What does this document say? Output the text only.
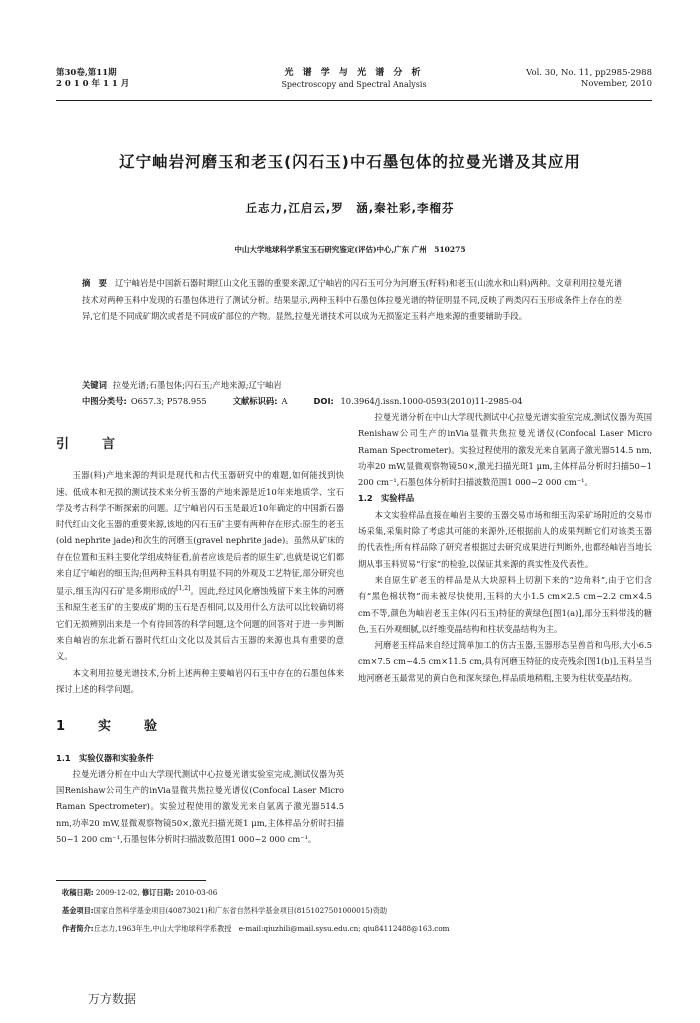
第30卷,第11期
2 0 1 0 年 1 1 月
光 谱 学 与 光 谱 分 析
Spectroscopy and Spectral Analysis
Vol. 30, No. 11, pp2985-2988
November, 2010
辽宁岫岩河磨玉和老玉(闪石玉)中石墨包体的拉曼光谱及其应用
丘志力,江启云,罗　涵,秦社彩,李榴芬
中山大学地球科学系宝玉石研究鉴定(评估)中心,广东 广州　510275
摘　要 辽宁岫岩是中国新石器时期红山文化玉器的重要来源,辽宁岫岩的闪石玉可分为河磨玉(籽料)和老玉(山流水和山料)两种。文章利用拉曼光谱技术对两种玉料中发现的石墨包体进行了测试分析。结果显示,两种玉料中石墨包体拉曼光谱的特征明显不同,反映了两类闪石玉形成条件上存在的差异,它们是不同成矿期次或者是不同成矿部位的产物。显然,拉曼光谱技术可以成为无损鉴定玉料产地来源的重要辅助手段。
关键词 拉曼光谱;石墨包体;闪石玉;产地来源;辽宁岫岩
中图分类号: O657.3; P578.955	文献标识码: A	DOI: 10.3964/j.issn.1000-0593(2010)11-2985-04
引　言

玉器(料)产地来源的判识是现代和古代玉器研究中的难题,如何能找到快速、低成本和无损的测试技术来分析玉器的产地来源是近10年来地质学、宝石学及考古科学不断探索的问题。辽宁岫岩闪石玉是最近10年确定的中国新石器时代红山文化玉器的重要来源,该地的闪石玉矿主要有两种存在形式:原生的老玉(old nephrite jade)和次生的河磨玉(gravel nephrite jade)。虽然从矿床的存在位置和玉料主要化学组成特征看,前者应该是后者的原生矿,也就是说它们都来自辽宁岫岩的细玉沟;但两种玉料具有明显不同的外观及工艺特征,部分研究也显示,细玉沟闪石矿是多期形成的[1,2]。因此,经过风化磨蚀残留下来主体的河磨玉和原生老玉矿的主要成矿期的玉石是否相同,以及用什么方法可以比较确切将它们无损辨别出来是一个有待回答的科学问题,这个问题的回答对于进一步判断来自岫岩的东北新石器时代红山文化以及其后古玉器的来源也具有重要的意义。

本文利用拉曼光谱技术,分析上述两种主要岫岩闪石玉中存在的石墨包体来探讨上述的科学问题。

1　实　验
1.1　实验仪器和实验条件

拉曼光谱分析在中山大学现代测试中心拉曼光谱实验室完成,测试仪器为英国Renishaw公司生产的inVia显微共焦拉曼光谱仪(Confocal Laser Micro Raman Spectrometer)。实验过程使用的激发光来自氩离子激光器514.5 nm,功率20 mW,显微观察物镜50×,激光扫描光斑1 μm,主体样品分析时扫描50~1 200 cm⁻¹,石墨包体分析时扫描波数范围1 000~2 000 cm⁻¹。

拉曼光谱分析在中山大学现代测试中心拉曼光谱实验室完成,测试仪器为英国Renishaw公司生产的inVia显微共焦拉曼光谱仪(Confocal Laser Micro Raman Spectrometer)。实验过程使用的激发光来自氩离子激光器514.5 nm,功率20 mW,显微观察物镜50×,激光扫描光斑1 μm,主体样品分析时扫描50~1 200 cm⁻¹,石墨包体分析时扫描波数范围1 000~2 000 cm⁻¹。

1.2　实验样品

本文实验样品直接在岫岩主要的玉器交易市场和细玉沟采矿场附近的交易市场采集,采集时除了考虑其可能的来源外,还根据前人的成果判断它们对该类玉器的代表性;所有样品除了研究者根据过去研究成果进行判断外,也都经岫岩当地长期从事玉料贸易“行家”的检验,以保证其来源的真实性及代表性。

来自原生矿老玉的样品是从大块原料上切割下来的“边角料”,由于它们含有“黑色棉状物”而未被尽快使用,玉料的大小1.5 cm×2.5 cm~2.2 cm×4.5 cm不等,颜色为岫岩老玉主体(闪石玉)特征的黄绿色[图1(a)],部分玉料带浅的糖色,玉石外观细腻,以纤维变晶结构和柱状变晶结构为主。

河磨老玉样品来自经过简单加工的仿古玉器,玉器形态呈兽首和鸟形,大小6.5 cm×7.5 cm~4.5 cm×11.5 cm,具有河磨玉特征的皮壳残余[图1(b)],玉料呈当地河磨老玉最常见的黄白色和深灰绿色,样品质地稍粗,主要为柱状变晶结构。

收稿日期: 2009-12-02, 修订日期: 2010-03-06
基金项目:国家自然科学基金项目(40873021)和广东省自然科学基金项目(8151027501000015)资助
作者简介:丘志力,1963年生,中山大学地球科学系教授　 e-mail:qiuzhili@mail.sysu.edu.cn; qiu84112488@163.com
万方数据
